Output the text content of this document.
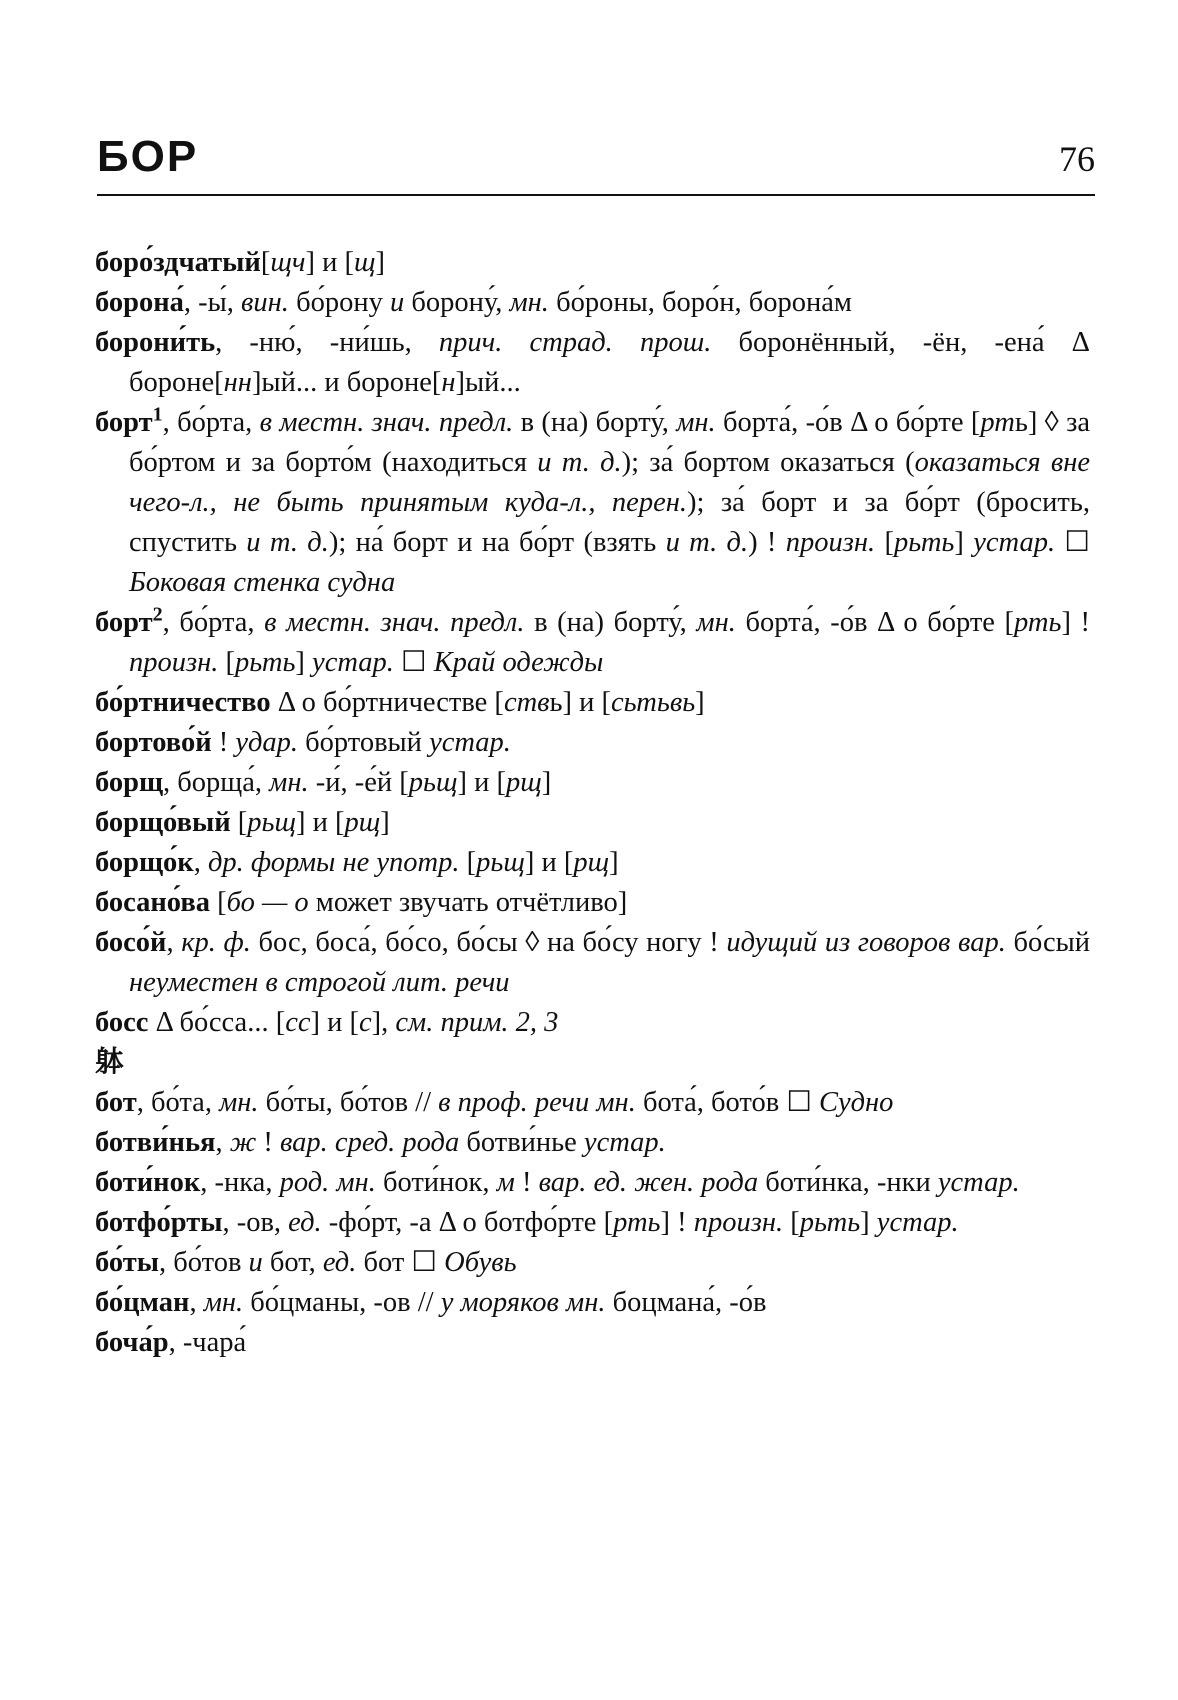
БОР	76

боро́здчатый[щч] и [щ]

борона́, -ы́, вин. бо́рону и борону́, мн. бо́роны, боро́н, борона́м

борони́ть, -ню́, -ни́шь, прич. страд. прош. боронённый, -ён, -ена́ Δ бороне[нн]ый... и бороне[н]ый...

борт$^1$, бо́рта, в местн. знач. предл. в (на) борту́, мн. борта́, -о́в Δ о бо́рте [рть] ◊ за бо́ртом и за борто́м (находиться и т. д.); за́ бортом оказаться (оказаться вне чего-л., не быть принятым куда-л., перен.); за́ борт и за бо́рт (бросить, спустить и т. д.); на́ борт и на бо́рт (взять и т. д.) ! произн. [рьть] устар. ☐ Боковая стенка судна

борт$^2$, бо́рта, в местн. знач. предл. в (на) борту́, мн. борта́, -о́в Δ о бо́рте [рть] ! произн. [рьть] устар. ☐ Край одежды

бо́ртничество Δ о бо́ртничестве [ствь] и [сьтьвь]

бортово́й ! удар. бо́ртовый устар.

борщ, борща́, мн. -и́, -е́й [рьщ] и [рщ]

борщо́вый [рьщ] и [рщ]

борщо́к, др. формы не употр. [рьщ] и [рщ]

босано́ва [бо — о может звучать отчётливо]

босо́й, кр. ф. бос, боса́, бо́со, бо́сы ◊ на бо́су ногу ! идущий из говоров вар. бо́сый неуместен в строгой лит. речи

босс Δ бо́сса... [сс] и [с], см. прим. 2, 3

躰

бот, бо́та, мн. бо́ты, бо́тов // в проф. речи мн. бота́, бото́в ☐ Судно

ботви́нья, ж ! вар. сред. рода ботви́нье устар.

боти́нок, -нка, род. мн. боти́нок, м ! вар. ед. жен. рода боти́нка, -нки устар.

ботфо́рты, -ов, ед. -фо́рт, -а Δ о ботфо́рте [рть] ! произн. [рьть] устар.

бо́ты, бо́тов и бот, ед. бот ☐ Обувь

бо́цман, мн. бо́цманы, -ов // у моряков мн. боцмана́, -о́в

боча́р, -чара́
